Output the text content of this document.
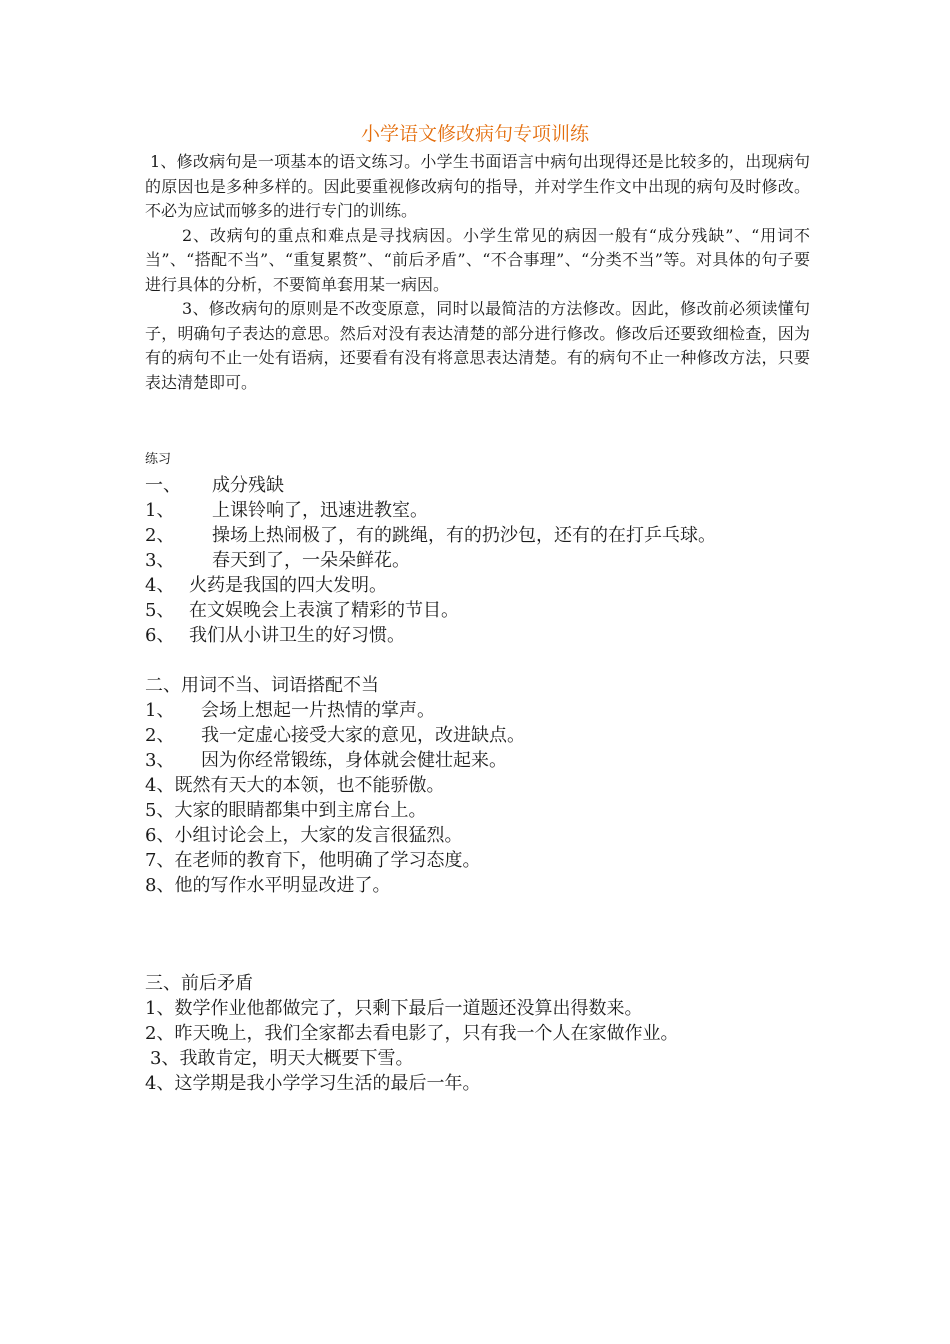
小学语文修改病句专项训练

1、修改病句是一项基本的语文练习。小学生书面语言中病句出现得还是比较多的，出现病句的原因也是多种多样的。因此要重视修改病句的指导，并对学生作文中出现的病句及时修改。不必为应试而够多的进行专门的训练。

2、改病句的重点和难点是寻找病因。小学生常见的病因一般有“成分残缺”、“用词不当”、“搭配不当”、“重复累赘”、“前后矛盾”、“不合事理”、“分类不当”等。对具体的句子要进行具体的分析，不要简单套用某一病因。

3、修改病句的原则是不改变原意，同时以最简洁的方法修改。因此，修改前必须读懂句子，明确句子表达的意思。然后对没有表达清楚的部分进行修改。修改后还要致细检查，因为有的病句不止一处有语病，还要看有没有将意思表达清楚。有的病句不止一种修改方法，只要表达清楚即可。

练习
一、 成分残缺
1、 上课铃响了，迅速进教室。
2、 操场上热闹极了，有的跳绳，有的扔沙包，还有的在打乒乓球。
3、 春天到了，一朵朵鲜花。
4、 火药是我国的四大发明。
5、 在文娱晚会上表演了精彩的节目。
6、 我们从小讲卫生的好习惯。
二、用词不当、词语搭配不当
1、 会场上想起一片热情的掌声。
2、 我一定虚心接受大家的意见，改进缺点。
3、 因为你经常锻练，身体就会健壮起来。
4、既然有天大的本领，也不能骄傲。
5、大家的眼睛都集中到主席台上。
6、小组讨论会上，大家的发言很猛烈。
7、在老师的教育下，他明确了学习态度。
8、他的写作水平明显改进了。
三、前后矛盾
1、数学作业他都做完了，只剩下最后一道题还没算出得数来。
2、昨天晚上，我们全家都去看电影了，只有我一个人在家做作业。
3、我敢肯定，明天大概要下雪。
4、这学期是我小学学习生活的最后一年。
